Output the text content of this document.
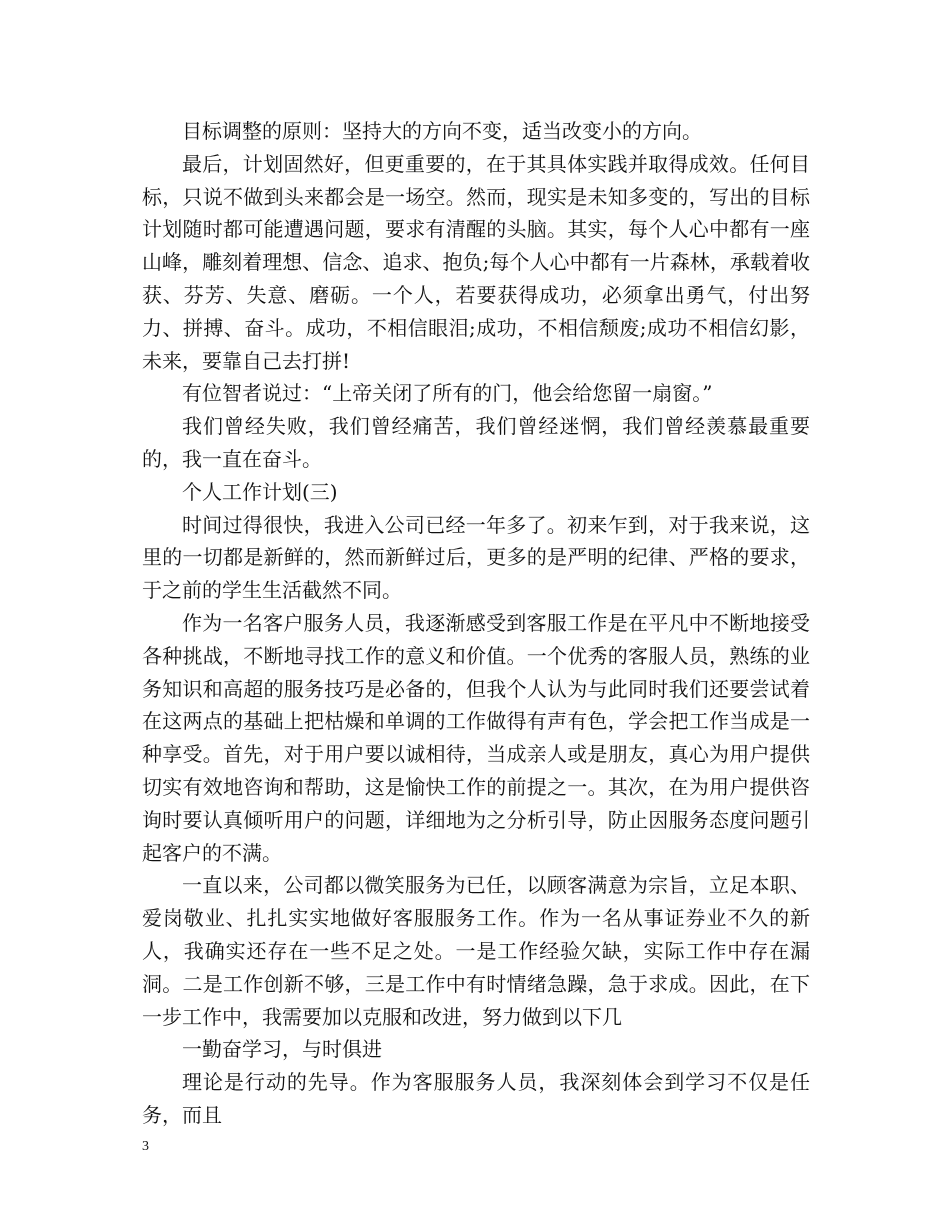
目标调整的原则：坚持大的方向不变，适当改变小的方向。

最后，计划固然好，但更重要的，在于其具体实践并取得成效。任何目标，只说不做到头来都会是一场空。然而，现实是未知多变的，写出的目标计划随时都可能遭遇问题，要求有清醒的头脑。其实，每个人心中都有一座山峰，雕刻着理想、信念、追求、抱负;每个人心中都有一片森林，承载着收获、芬芳、失意、磨砺。一个人，若要获得成功，必须拿出勇气，付出努力、拼搏、奋斗。成功，不相信眼泪;成功，不相信颓废;成功不相信幻影，未来，要靠自己去打拼!

有位智者说过：“上帝关闭了所有的门，他会给您留一扇窗。”

我们曾经失败，我们曾经痛苦，我们曾经迷惘，我们曾经羡慕最重要的，我一直在奋斗。

个人工作计划(三)

时间过得很快，我进入公司已经一年多了。初来乍到，对于我来说，这里的一切都是新鲜的，然而新鲜过后，更多的是严明的纪律、严格的要求，于之前的学生生活截然不同。

作为一名客户服务人员，我逐渐感受到客服工作是在平凡中不断地接受各种挑战，不断地寻找工作的意义和价值。一个优秀的客服人员，熟练的业务知识和高超的服务技巧是必备的，但我个人认为与此同时我们还要尝试着在这两点的基础上把枯燥和单调的工作做得有声有色，学会把工作当成是一种享受。首先，对于用户要以诚相待，当成亲人或是朋友，真心为用户提供切实有效地咨询和帮助，这是愉快工作的前提之一。其次，在为用户提供咨询时要认真倾听用户的问题，详细地为之分析引导，防止因服务态度问题引起客户的不满。

一直以来，公司都以微笑服务为已任，以顾客满意为宗旨，立足本职、爱岗敬业、扎扎实实地做好客服服务工作。作为一名从事证券业不久的新人，我确实还存在一些不足之处。一是工作经验欠缺，实际工作中存在漏洞。二是工作创新不够，三是工作中有时情绪急躁，急于求成。因此，在下一步工作中，我需要加以克服和改进，努力做到以下几

一勤奋学习，与时俱进

理论是行动的先导。作为客服服务人员，我深刻体会到学习不仅是任务，而且

3
